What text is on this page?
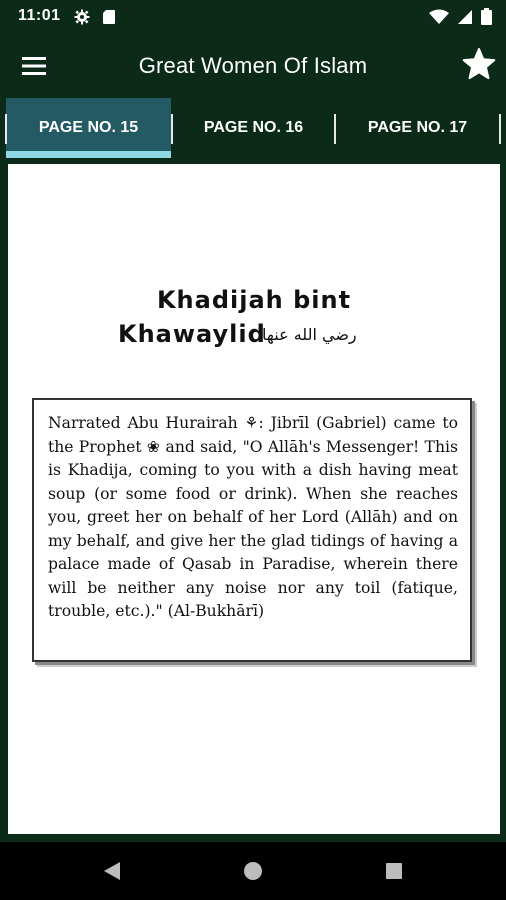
11:01
Great Women Of Islam
PAGE NO. 15	PAGE NO. 16	PAGE NO. 17
Khadijah bint
Khawaylid
رضي الله عنها

Narrated Abu Hurairah ⚘: Jibrīl (Gabriel) came to the Prophet ❀ and said, "O Allāh's Messenger! This is Khadija, coming to you with a dish having meat soup (or some food or drink). When she reaches you, greet her on behalf of her Lord (Allāh) and on my behalf, and give her the glad tidings of having a palace made of Qasab in Paradise, wherein there will be neither any noise nor any toil (fatique, trouble, etc.)." (Al-Bukhārī)
